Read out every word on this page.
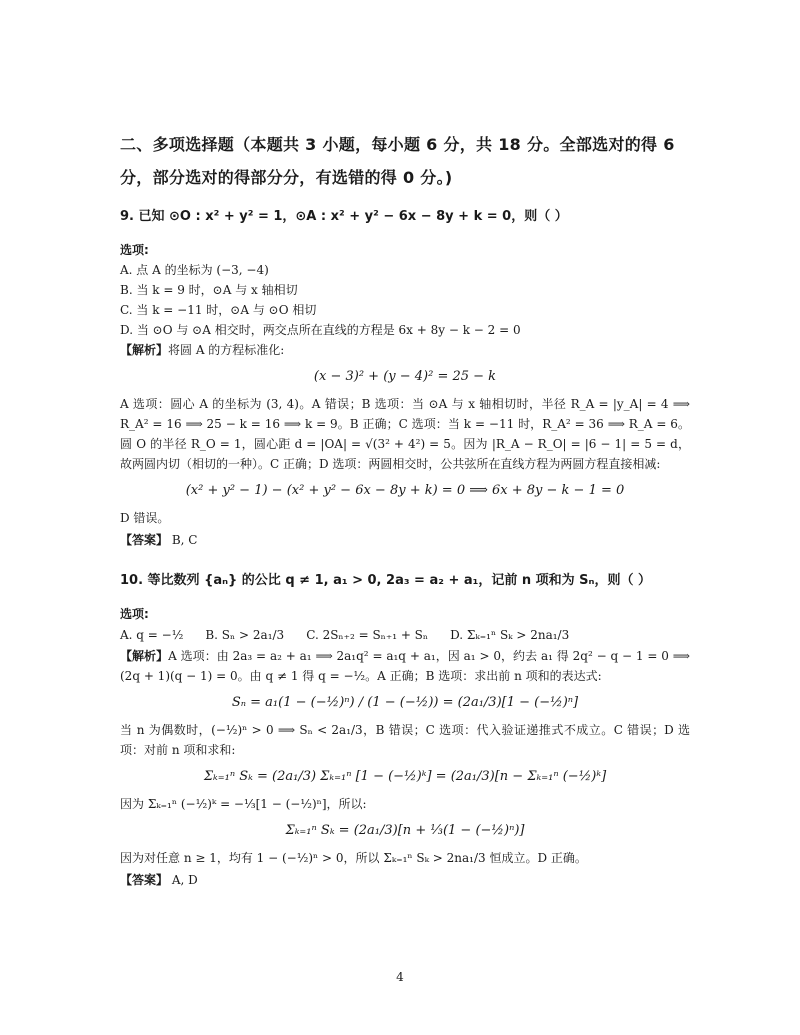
二、多项选择题（本题共 3 小题，每小题 6 分，共 18 分。全部选对的得 6

分，部分选对的得部分分，有选错的得 0 分。)

9. 已知 ⊙O : x² + y² = 1，⊙A : x² + y² − 6x − 8y + k = 0，则（ ）

选项:

A. 点 A 的坐标为 (−3, −4)

B. 当 k = 9 时，⊙A 与 x 轴相切

C. 当 k = −11 时，⊙A 与 ⊙O 相切

D. 当 ⊙O 与 ⊙A 相交时，两交点所在直线的方程是 6x + 8y − k − 2 = 0

【解析】将圆 A 的方程标准化:

(x − 3)² + (y − 4)² = 25 − k

A 选项：圆心 A 的坐标为 (3, 4)。A 错误；B 选项：当 ⊙A 与 x 轴相切时，半径 R_A = |y_A| = 4 ⟹ R_A² = 16 ⟹ 25 − k = 16 ⟹ k = 9。B 正确；C 选项：当 k = −11 时，R_A² = 36 ⟹ R_A = 6。圆 O 的半径 R_O = 1，圆心距 d = |OA| = √(3² + 4²) = 5。因为 |R_A − R_O| = |6 − 1| = 5 = d，故两圆内切（相切的一种）。C 正确；D 选项：两圆相交时，公共弦所在直线方程为两圆方程直接相减:

(x² + y² − 1) − (x² + y² − 6x − 8y + k) = 0 ⟹ 6x + 8y − k − 1 = 0

D 错误。

【答案】 B, C

10. 等比数列 {aₙ} 的公比 q ≠ 1, a₁ > 0, 2a₃ = a₂ + a₁，记前 n 项和为 Sₙ，则（ ）

选项:

A. q = −½ B. Sₙ > 2a₁/3 C. 2Sₙ₊₂ = Sₙ₊₁ + Sₙ D. Σₖ₌₁ⁿ Sₖ > 2na₁/3

【解析】A 选项：由 2a₃ = a₂ + a₁ ⟹ 2a₁q² = a₁q + a₁，因 a₁ > 0，约去 a₁ 得 2q² − q − 1 = 0 ⟹ (2q + 1)(q − 1) = 0。由 q ≠ 1 得 q = −½。A 正确；B 选项：求出前 n 项和的表达式:

Sₙ = a₁(1 − (−½)ⁿ) / (1 − (−½)) = (2a₁/3)[1 − (−½)ⁿ]

当 n 为偶数时，(−½)ⁿ > 0 ⟹ Sₙ < 2a₁/3，B 错误；C 选项：代入验证递推式不成立。C 错误；D 选项：对前 n 项和求和:

Σₖ₌₁ⁿ Sₖ = (2a₁/3) Σₖ₌₁ⁿ [1 − (−½)ᵏ] = (2a₁/3)[n − Σₖ₌₁ⁿ (−½)ᵏ]

因为 Σₖ₌₁ⁿ (−½)ᵏ = −⅓[1 − (−½)ⁿ]，所以:

Σₖ₌₁ⁿ Sₖ = (2a₁/3)[n + ⅓(1 − (−½)ⁿ)]

因为对任意 n ≥ 1，均有 1 − (−½)ⁿ > 0，所以 Σₖ₌₁ⁿ Sₖ > 2na₁/3 恒成立。D 正确。

【答案】 A, D

4
